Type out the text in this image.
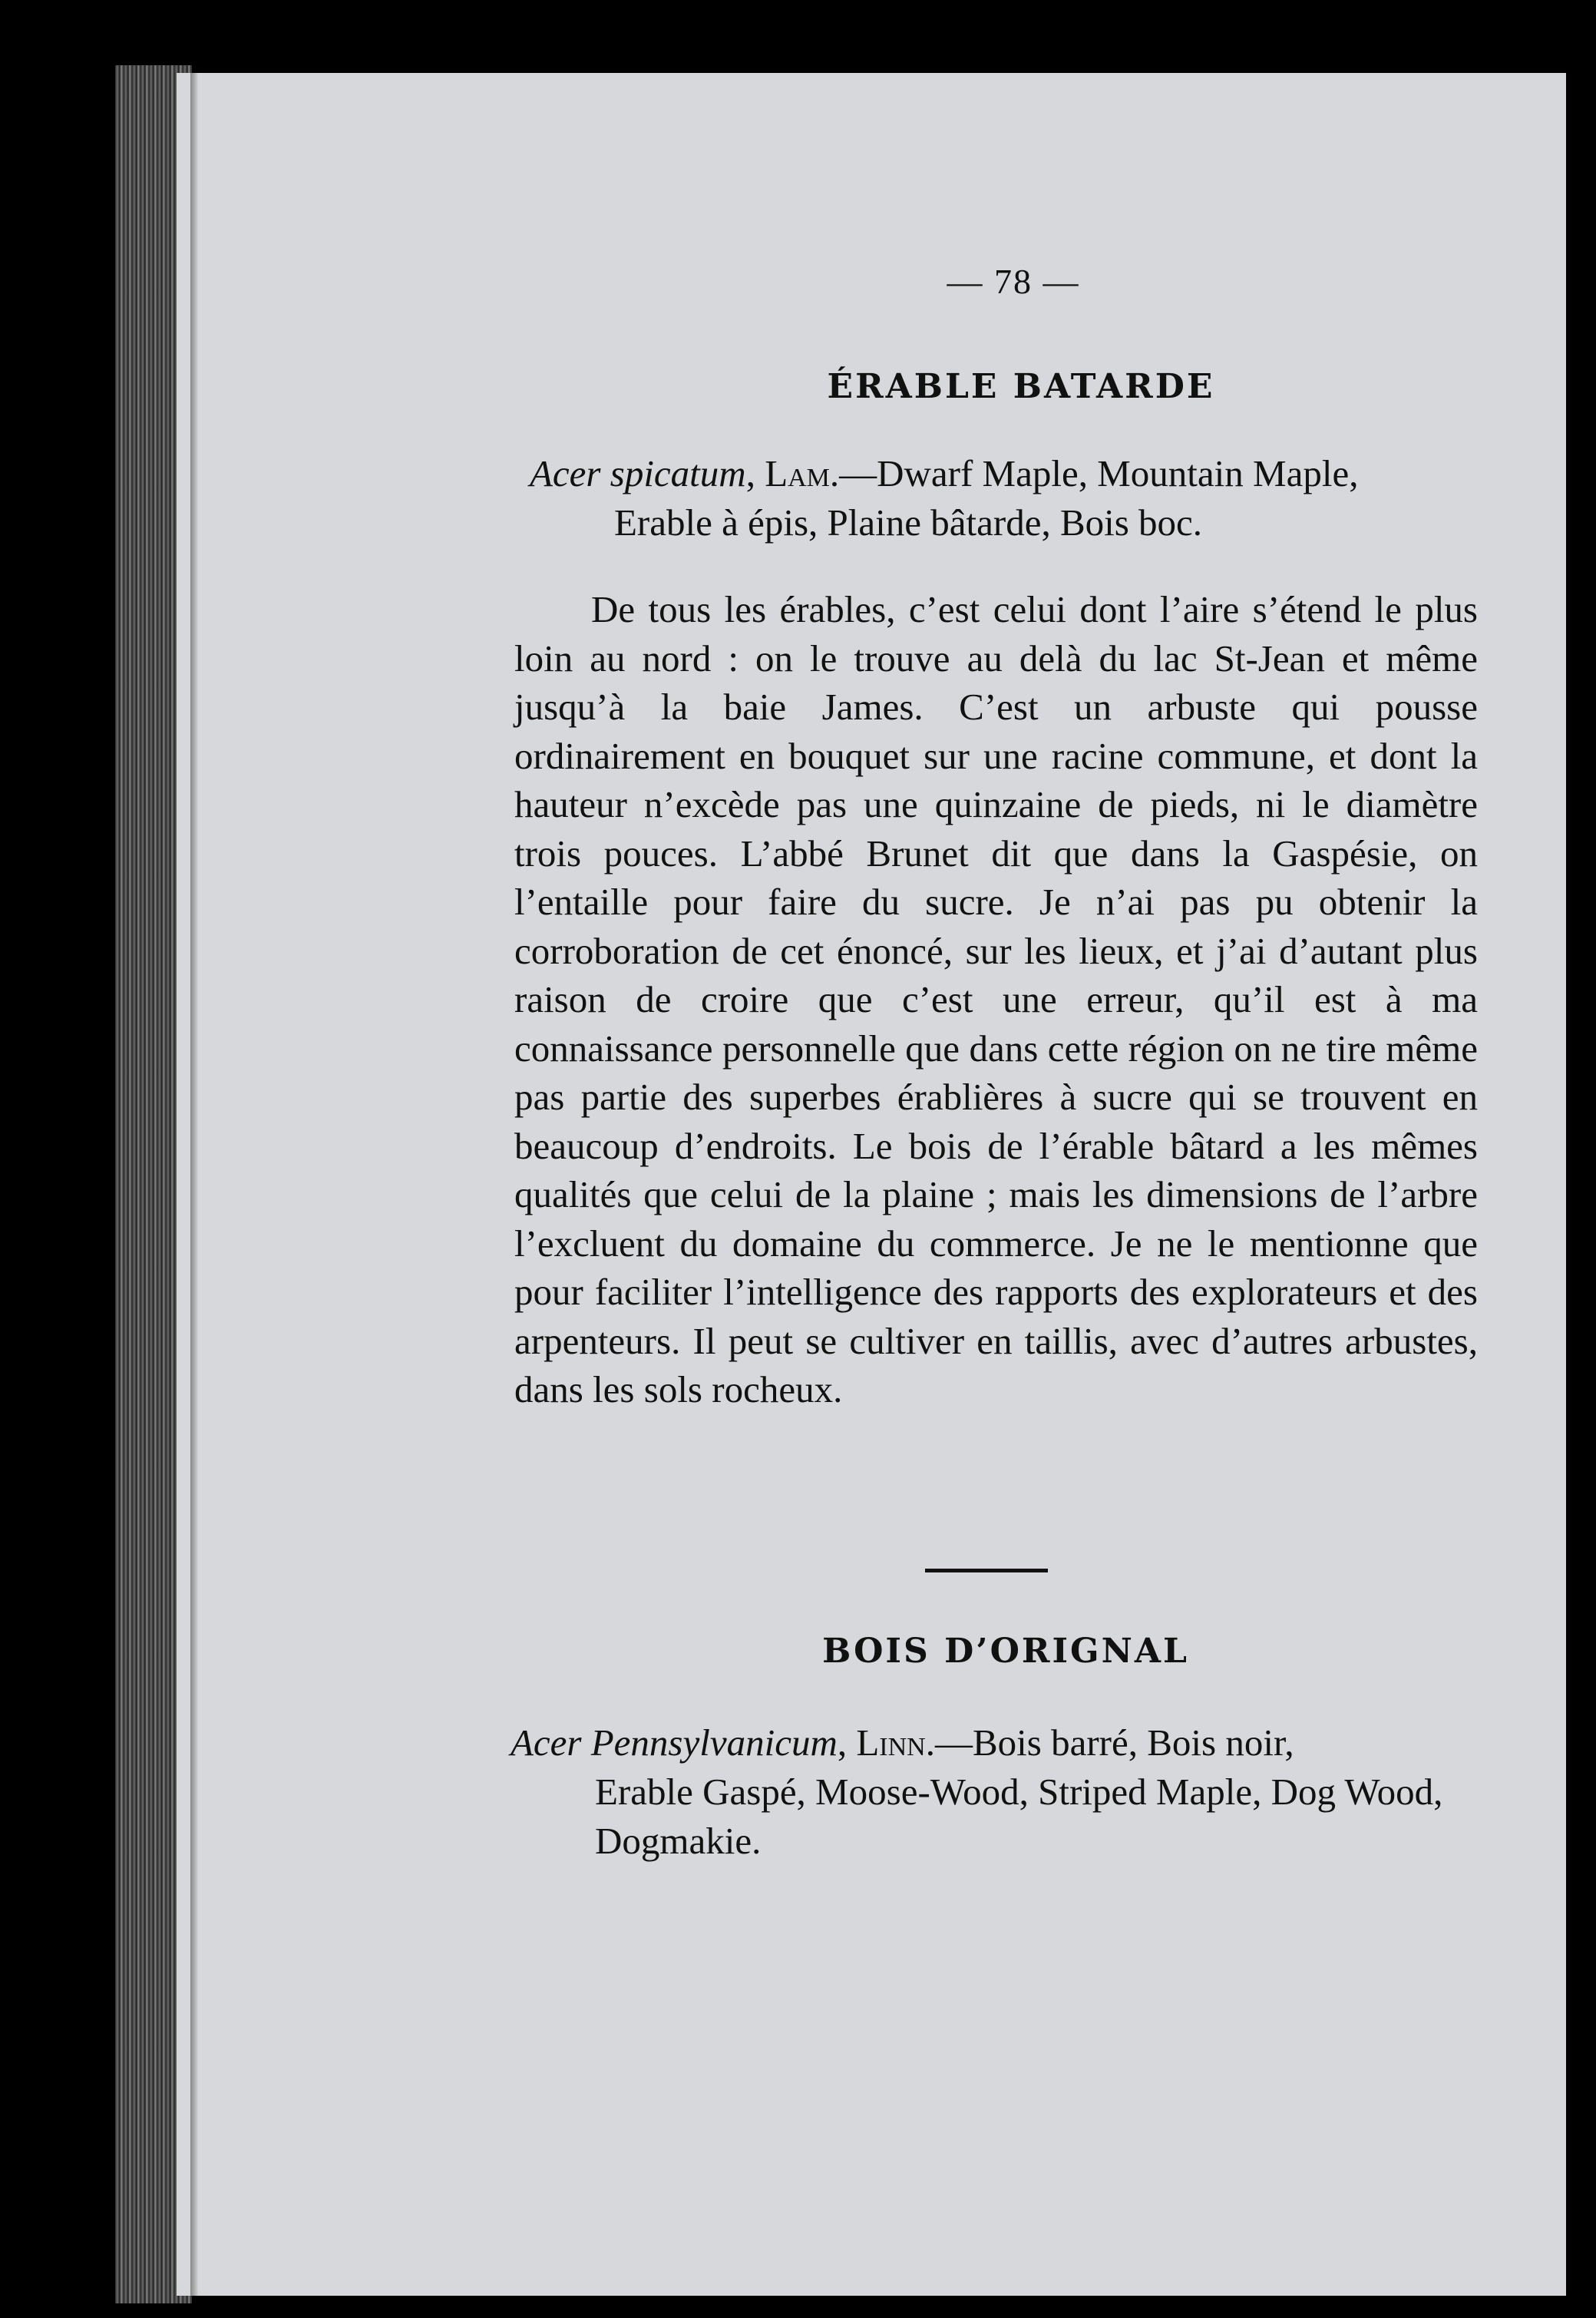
— 78 —
ÉRABLE BATARDE
Acer spicatum, Lam.—Dwarf Maple, Mountain Maple,
Erable à épis, Plaine bâtarde, Bois boc.

De tous les érables, c’est celui dont l’aire s’étend le plus loin au nord : on le trouve au delà du lac St-Jean et même jusqu’à la baie James. C’est un arbuste qui pousse ordinairement en bouquet sur une racine commune, et dont la hauteur n’excède pas une quinzaine de pieds, ni le diamètre trois pouces. L’abbé Brunet dit que dans la Gaspésie, on l’entaille pour faire du sucre. Je n’ai pas pu obtenir la corroboration de cet énoncé, sur les lieux, et j’ai d’autant plus raison de croire que c’est une erreur, qu’il est à ma connaissance personnelle que dans cette région on ne tire même pas partie des superbes érablières à sucre qui se trouvent en beaucoup d’endroits. Le bois de l’érable bâtard a les mêmes qualités que celui de la plaine ; mais les dimensions de l’arbre l’excluent du domaine du commerce. Je ne le mentionne que pour faciliter l’intelligence des rapports des explorateurs et des arpenteurs. Il peut se cultiver en taillis, avec d’autres arbustes, dans les sols rocheux.

BOIS D’ORIGNAL
Acer Pennsylvanicum, Linn.—Bois barré, Bois noir,
Erable Gaspé, Moose-Wood, Striped Maple, Dog Wood, Dogmakie.
